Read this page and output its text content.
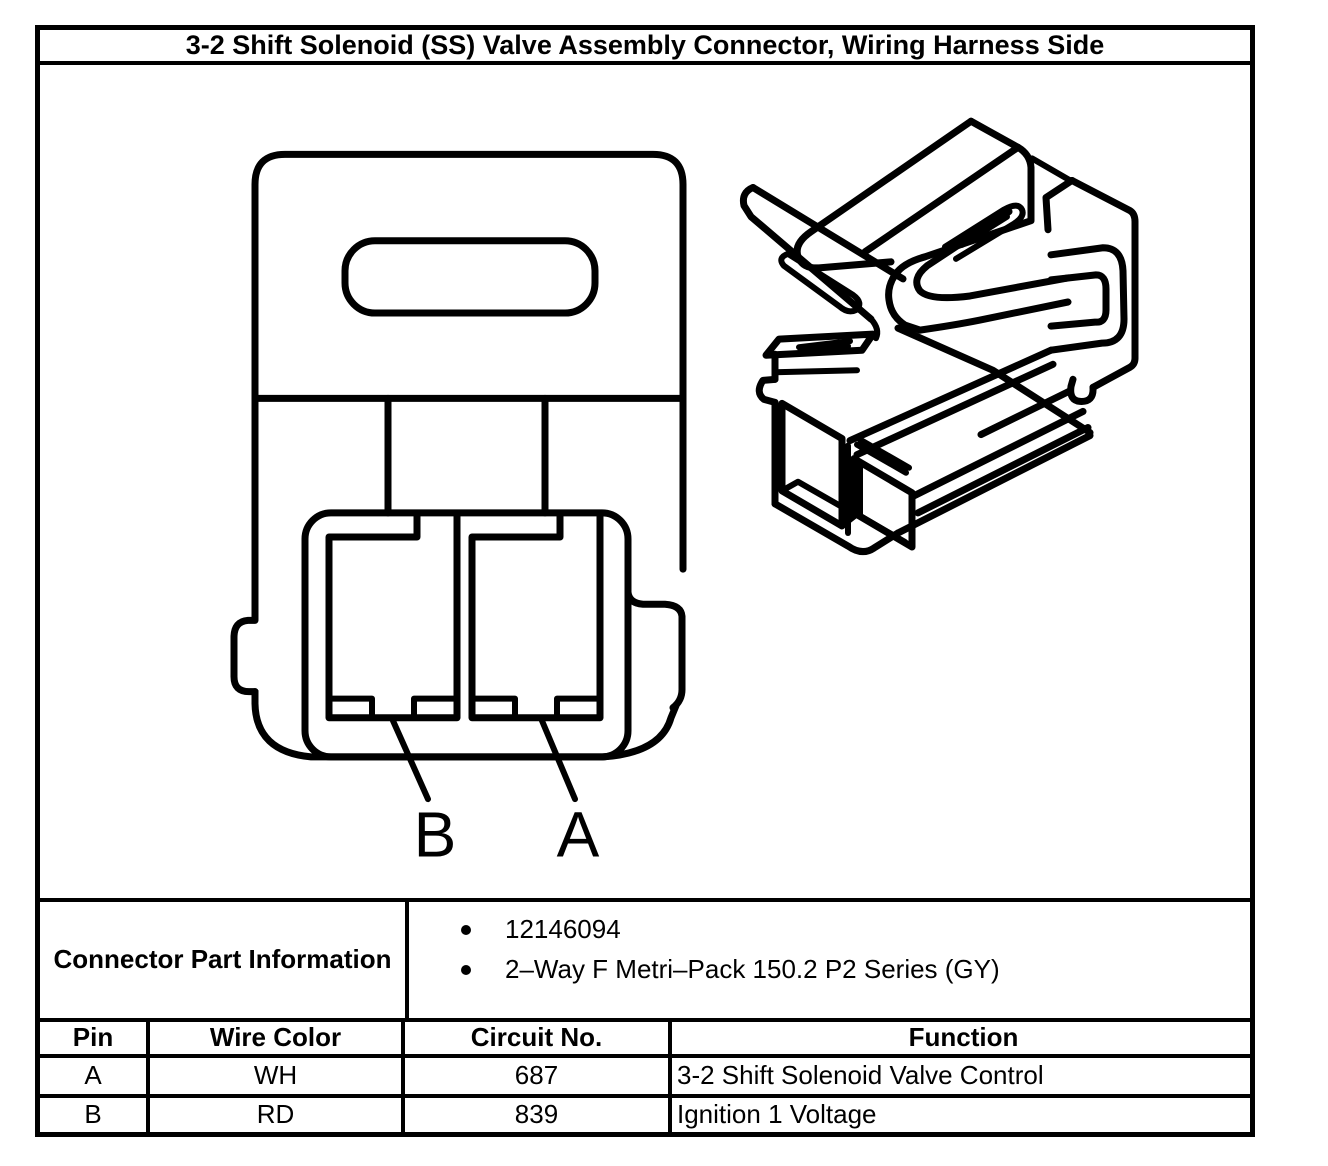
3-2 Shift Solenoid (SS) Valve Assembly Connector, Wiring Harness Side
B A
Connector Part Information
12146094
2–Way F Metri–Pack 150.2 P2 Series (GY)
Pin	Wire Color	Circuit No.	Function
A	WH	687	3-2 Shift Solenoid Valve Control
B	RD	839	Ignition 1 Voltage
